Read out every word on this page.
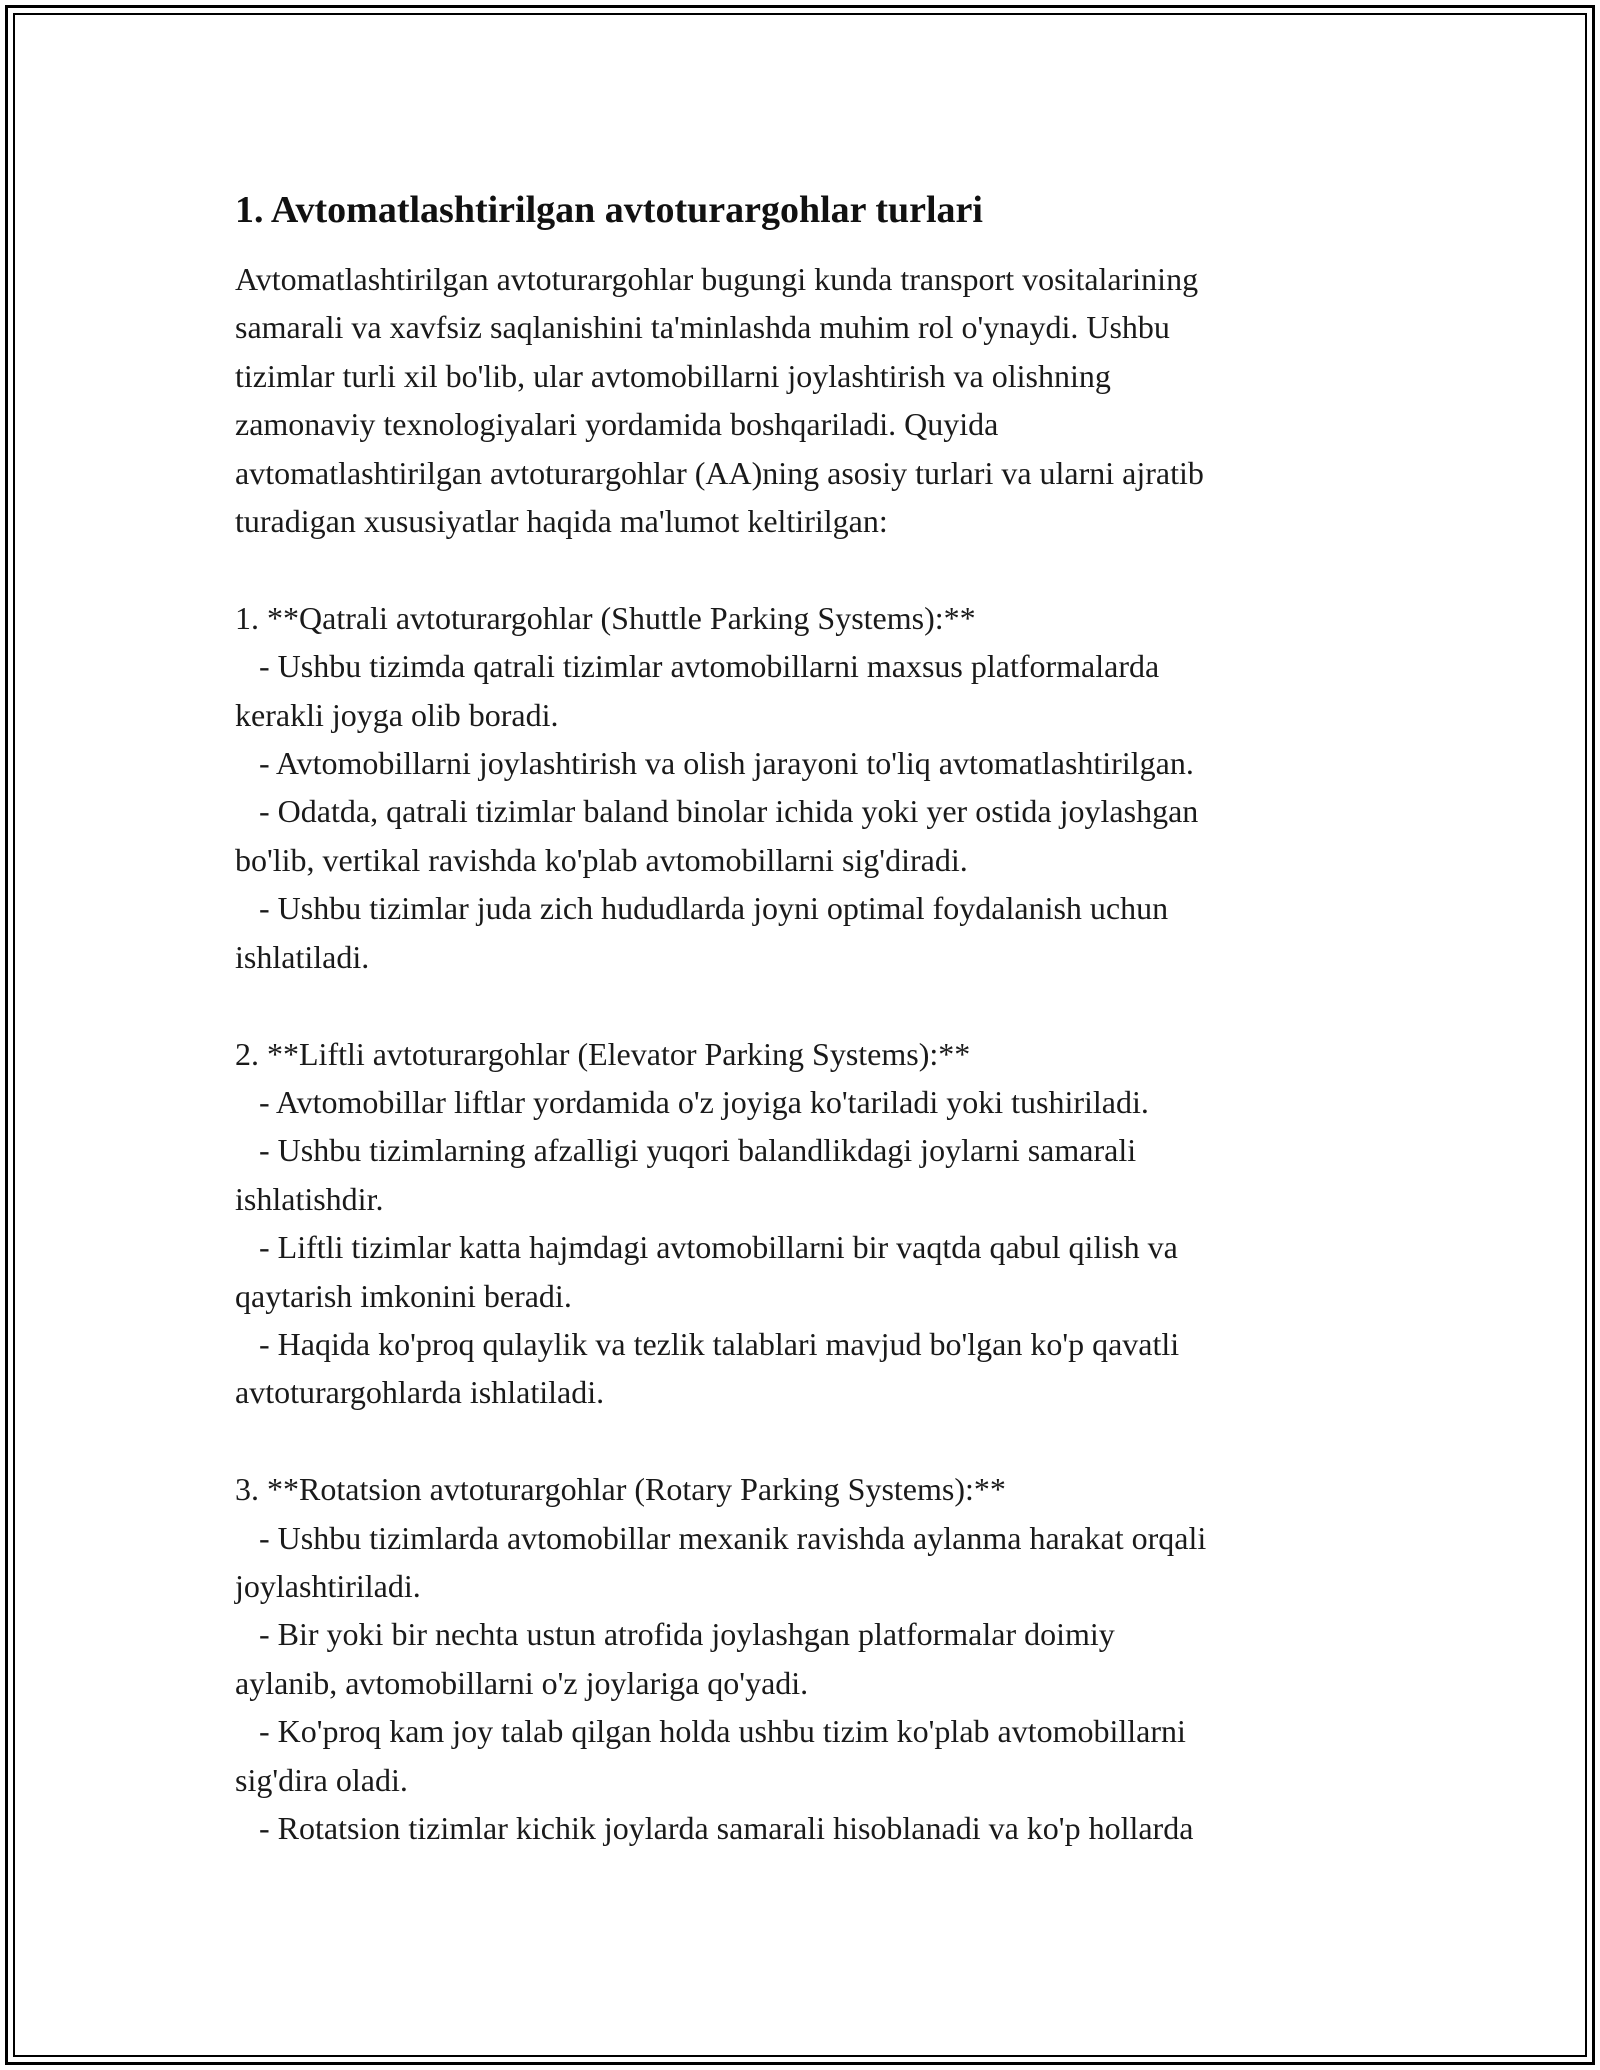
1. Avtomatlashtirilgan avtoturargohlar turlari

Avtomatlashtirilgan avtoturargohlar bugungi kunda transport vositalarining
samarali va xavfsiz saqlanishini ta'minlashda muhim rol o'ynaydi. Ushbu
tizimlar turli xil bo'lib, ular avtomobillarni joylashtirish va olishning
zamonaviy texnologiyalari yordamida boshqariladi. Quyida
avtomatlashtirilgan avtoturargohlar (AA)ning asosiy turlari va ularni ajratib
turadigan xususiyatlar haqida ma'lumot keltirilgan:

1. **Qatrali avtoturargohlar (Shuttle Parking Systems):**

- Ushbu tizimda qatrali tizimlar avtomobillarni maxsus platformalarda
kerakli joyga olib boradi.

- Avtomobillarni joylashtirish va olish jarayoni to'liq avtomatlashtirilgan.

- Odatda, qatrali tizimlar baland binolar ichida yoki yer ostida joylashgan
bo'lib, vertikal ravishda ko'plab avtomobillarni sig'diradi.

- Ushbu tizimlar juda zich hududlarda joyni optimal foydalanish uchun
ishlatiladi.

2. **Liftli avtoturargohlar (Elevator Parking Systems):**

- Avtomobillar liftlar yordamida o'z joyiga ko'tariladi yoki tushiriladi.

- Ushbu tizimlarning afzalligi yuqori balandlikdagi joylarni samarali
ishlatishdir.

- Liftli tizimlar katta hajmdagi avtomobillarni bir vaqtda qabul qilish va
qaytarish imkonini beradi.

- Haqida ko'proq qulaylik va tezlik talablari mavjud bo'lgan ko'p qavatli
avtoturargohlarda ishlatiladi.

3. **Rotatsion avtoturargohlar (Rotary Parking Systems):**

- Ushbu tizimlarda avtomobillar mexanik ravishda aylanma harakat orqali
joylashtiriladi.

- Bir yoki bir nechta ustun atrofida joylashgan platformalar doimiy
aylanib, avtomobillarni o'z joylariga qo'yadi.

- Ko'proq kam joy talab qilgan holda ushbu tizim ko'plab avtomobillarni
sig'dira oladi.

- Rotatsion tizimlar kichik joylarda samarali hisoblanadi va ko'p hollarda
